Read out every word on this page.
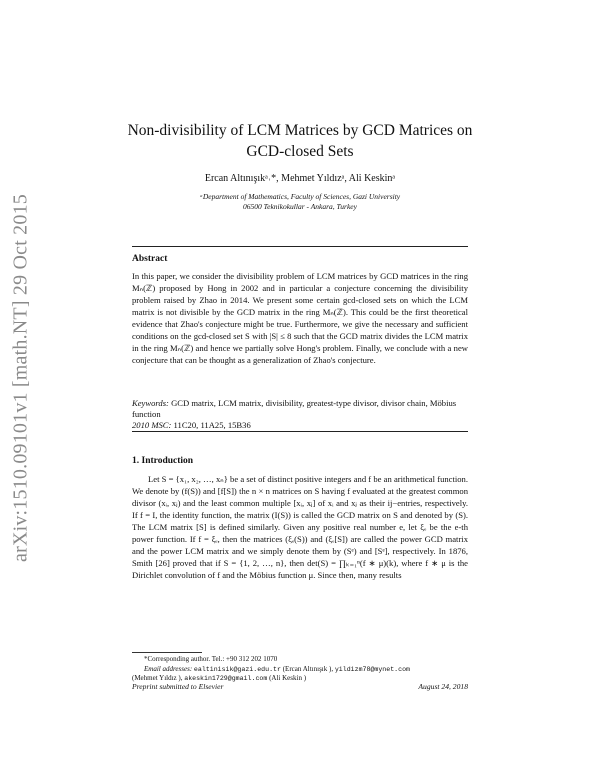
arXiv:1510.09101v1 [math.NT] 29 Oct 2015
Non-divisibility of LCM Matrices by GCD Matrices on GCD-closed Sets
Ercan Altınışıkᵃ˒*, Mehmet Yıldızᵃ, Ali Keskinᵃ
ᵃDepartment of Mathematics, Faculty of Sciences, Gazi University
06500 Teknikokullar - Ankara, Turkey
Abstract
In this paper, we consider the divisibility problem of LCM matrices by GCD matrices in the ring Mₙ(ℤ) proposed by Hong in 2002 and in particular a conjecture concerning the divisibility problem raised by Zhao in 2014. We present some certain gcd-closed sets on which the LCM matrix is not divisible by the GCD matrix in the ring Mₙ(ℤ). This could be the first theoretical evidence that Zhao's conjecture might be true. Furthermore, we give the necessary and sufficient conditions on the gcd-closed set S with |S| ≤ 8 such that the GCD matrix divides the LCM matrix in the ring Mₙ(ℤ) and hence we partially solve Hong's problem. Finally, we conclude with a new conjecture that can be thought as a generalization of Zhao's conjecture.
Keywords: GCD matrix, LCM matrix, divisibility, greatest-type divisor, divisor chain, Möbius function
2010 MSC: 11C20, 11A25, 15B36
1. Introduction
Let S = {x₁, x₂, …, xₙ} be a set of distinct positive integers and f be an arithmetical function. We denote by (f(S)) and [f[S]) the n × n matrices on S having f evaluated at the greatest common divisor (xᵢ, xⱼ) and the least common multiple [xᵢ, xⱼ] of xᵢ and xⱼ as their ij−entries, respectively. If f = I, the identity function, the matrix (I(S)) is called the GCD matrix on S and denoted by (S). The LCM matrix [S] is defined similarly. Given any positive real number e, let ξₑ be the e-th power function. If f = ξₑ, then the matrices (ξₑ(S)) and (ξₑ[S]) are called the power GCD matrix and the power LCM matrix and we simply denote them by (Sᵉ) and [Sᵉ], respectively. In 1876, Smith [26] proved that if S = {1, 2, …, n}, then det(S) = ∏ₖ₌₁ⁿ(f ∗ μ)(k), where f ∗ μ is the Dirichlet convolution of f and the Möbius function μ. Since then, many results
*Corresponding author. Tel.: +90 312 202 1070
Email addresses: ealtinisik@gazi.edu.tr (Ercan Altınışık ), yildizm78@mynet.com
(Mehmet Yıldız ), akeskin1729@gmail.com (Ali Keskin )
Preprint submitted to Elsevier	August 24, 2018
